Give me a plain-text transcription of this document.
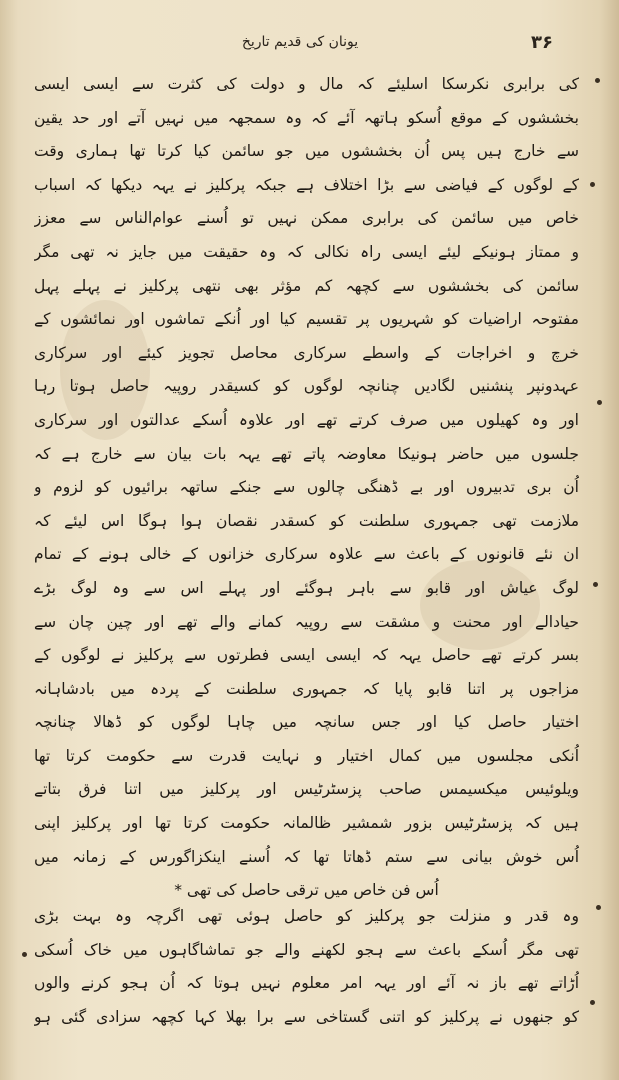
۳۶
یونان کی قدیم تاریخ
کی برابری نکرسکا اسلیئے کہ مال و دولت کی کثرت سے ایسی ایسی
بخششوں کے موقع اُسکو ہاتھہ آئے کہ وہ سمجھہ میں نہیں آتے اور حد یقین
سے خارج ہیں پس اُن بخششوں میں جو سائمن کیا کرتا تھا ہماری وقت
کے لوگوں کے فیاضی سے بڑا اختلاف ہے جبکہ پرکلیز نے یہہ دیکھا کہ اسباب
خاص میں سائمن کی برابری ممکن نہیں تو اُسنے عوام‌الناس سے معزز
و ممتاز ہونیکے لیئے ایسی راہ نکالی کہ وہ حقیقت میں جایز نہ تھی مگر
سائمن کی بخششوں سے کچھہ کم مؤثر بھی نتھی پرکلیز نے پہلے پہل
مفتوحہ اراضیات کو شہریوں پر تقسیم کیا اور اُنکے تماشوں اور نمائشوں کے
خرچ و اخراجات کے واسطے سرکاری محاصل تجویز کیئے اور سرکاری
عہدونپر پنشنیں لگادیں چنانچہ لوگوں کو کسیقدر روپیہ حاصل ہوتا رہا
اور وہ کھیلوں میں صرف کرتے تھے اور علاوہ اُسکے عدالتوں اور سرکاری
جلسوں میں حاضر ہونیکا معاوضہ پاتے تھے یہہ بات بیان سے خارج ہے کہ
اُن بری تدبیروں اور بے ڈھنگی چالوں سے جنکے ساتھہ برائیوں کو لزوم و
ملازمت تھی جمہوری سلطنت کو کسقدر نقصان ہوا ہوگا اس لیئے کہ
ان نئے قانونوں کے باعث سے علاوہ سرکاری خزانوں کے خالی ہونے کے تمام
لوگ عیاش اور قابو سے باہر ہوگئے اور پہلے اس سے وہ لوگ بڑے
حیادالے اور محنت و مشقت سے روپیہ کمانے والے تھے اور چین چان سے
بسر کرتے تھے حاصل یہہ کہ ایسی ایسی فطرتوں سے پرکلیز نے لوگوں کے
مزاجوں پر اتنا قابو پایا کہ جمہوری سلطنت کے پردہ میں بادشاہانہ
اختیار حاصل کیا اور جس سانچہ میں چاہا لوگوں کو ڈھالا چنانچہ
اُنکی مجلسوں میں کمال اختیار و نہایت قدرت سے حکومت کرتا تھا
ویلوئیس میکسیمس صاحب پزسٹرٹیس اور پرکلیز میں اتنا فرق بتاتے
ہیں کہ پزسٹرٹیس بزور شمشیر ظالمانہ حکومت کرتا تھا اور پرکلیز اپنی
اُس خوش بیانی سے ستم ڈھاتا تھا کہ اُسنے اینکزاگورس کے زمانہ میں
اُس فن خاص میں ترقی حاصل کی تھی *
وہ قدر و منزلت جو پرکلیز کو حاصل ہوئی تھی اگرچہ وہ بہت بڑی
تھی مگر اُسکے باعث سے ہجو لکھنے والے جو تماشاگاہوں میں خاک اُسکی
اُڑاتے تھے باز نہ آئے اور یہہ امر معلوم نہیں ہوتا کہ اُن ہجو کرنے والوں
کو جنھوں نے پرکلیز کو اتنی گستاخی سے برا بھلا کہا کچھہ سزادی گئی ہو
